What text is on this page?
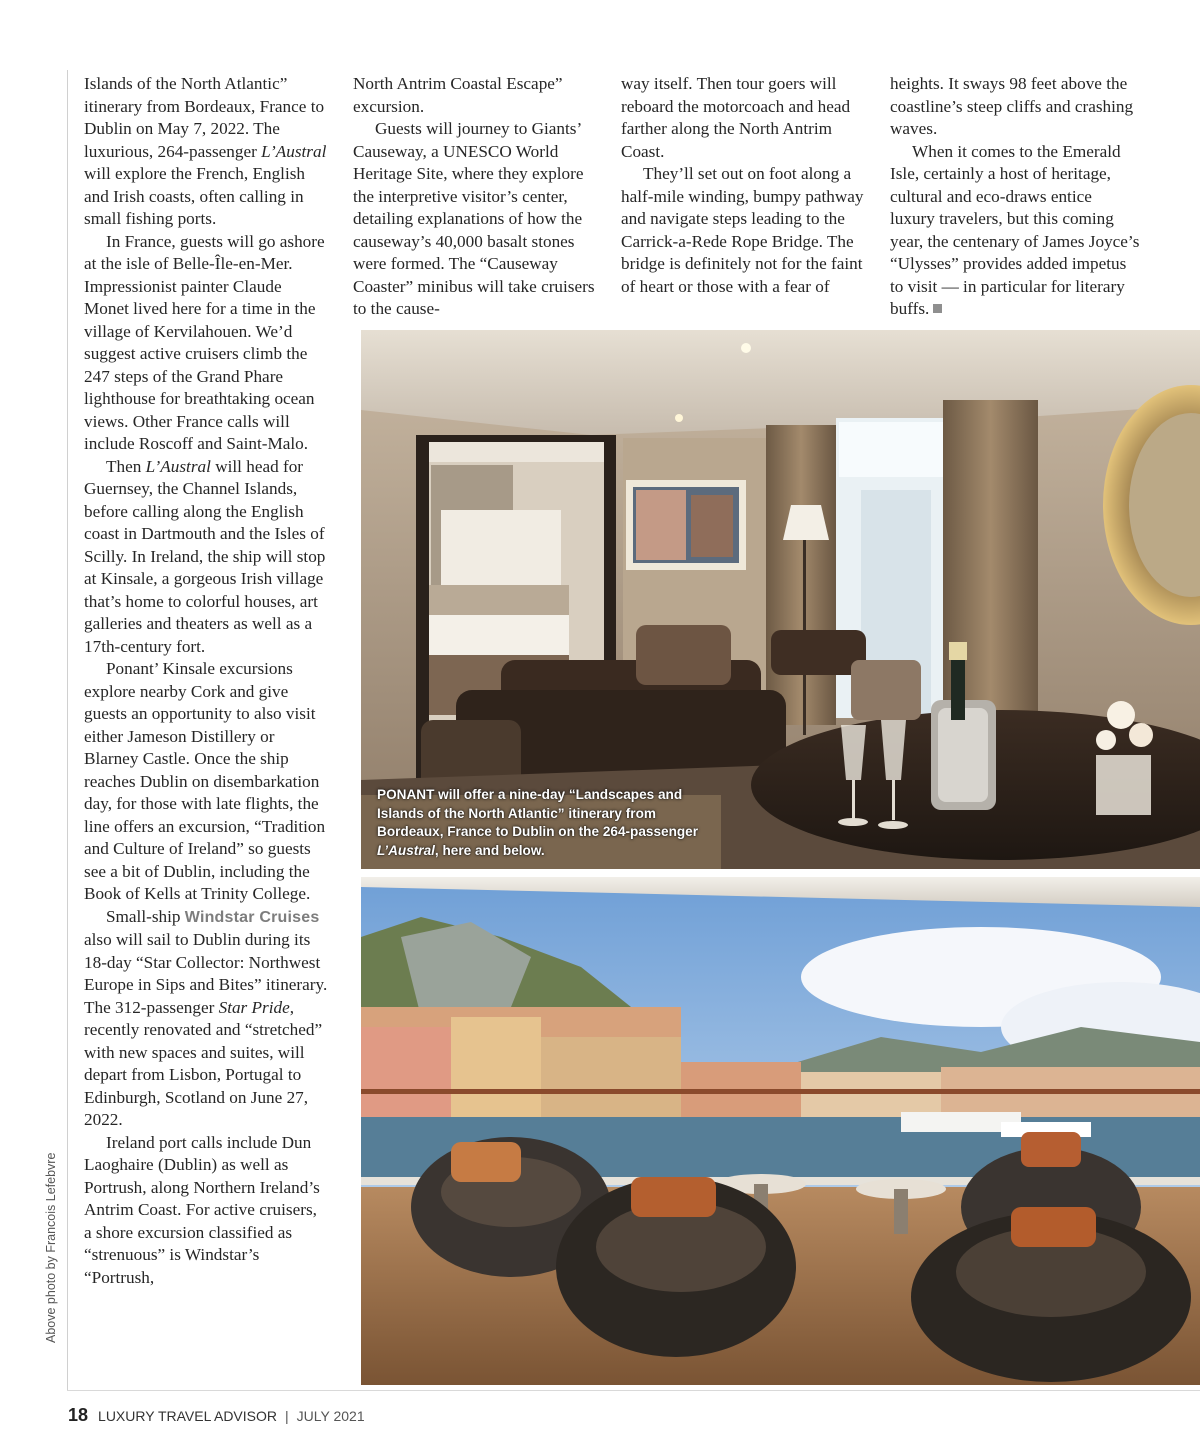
Islands of the North Atlantic” itinerary from Bordeaux, France to Dublin on May 7, 2022. The luxurious, 264-passenger L’Austral will explore the French, English and Irish coasts, often calling in small fishing ports.

In France, guests will go ashore at the isle of Belle-Île-en-Mer. Impressionist painter Claude Monet lived here for a time in the village of Kervilahouen. We’d suggest active cruisers climb the 247 steps of the Grand Phare lighthouse for breathtaking ocean views. Other France calls will include Roscoff and Saint-Malo.

Then L’Austral will head for Guernsey, the Channel Islands, before calling along the English coast in Dartmouth and the Isles of Scilly. In Ireland, the ship will stop at Kinsale, a gorgeous Irish village that’s home to colorful houses, art galleries and theaters as well as a 17th-century fort.

Ponant’ Kinsale excursions explore nearby Cork and give guests an opportunity to also visit either Jameson Distillery or Blarney Castle. Once the ship reaches Dublin on disembarkation day, for those with late flights, the line offers an excursion, “Tradition and Culture of Ireland” so guests see a bit of Dublin, including the Book of Kells at Trinity College.

Small-ship Windstar Cruises also will sail to Dublin during its 18-day “Star Collector: Northwest Europe in Sips and Bites” itinerary. The 312-passenger Star Pride, recently renovated and “stretched” with new spaces and suites, will depart from Lisbon, Portugal to Edinburgh, Scotland on June 27, 2022.

Ireland port calls include Dun Laoghaire (Dublin) as well as Portrush, along Northern Ireland’s Antrim Coast. For active cruisers, a shore excursion classified as “strenuous” is Windstar’s “Portrush,

North Antrim Coastal Escape” excursion.

Guests will journey to Giants’ Causeway, a UNESCO World Heritage Site, where they explore the interpretive visitor’s center, detailing explanations of how the causeway’s 40,000 basalt stones were formed. The “Causeway Coaster” minibus will take cruisers to the cause-

way itself. Then tour goers will reboard the motorcoach and head farther along the North Antrim Coast.

They’ll set out on foot along a half-mile winding, bumpy pathway and navigate steps leading to the Carrick-a-Rede Rope Bridge. The bridge is definitely not for the faint of heart or those with a fear of

heights. It sways 98 feet above the coastline’s steep cliffs and crashing waves.

When it comes to the Emerald Isle, certainly a host of heritage, cultural and eco-draws entice luxury travelers, but this coming year, the centenary of James Joyce’s “Ulysses” provides added impetus to visit — in particular for literary buffs.

PONANT will offer a nine-day “Landscapes and Islands of the North Atlantic” itinerary from Bordeaux, France to Dublin on the 264-passenger L’Austral, here and below.
Above photo by Francois Lefebvre
18 LUXURY TRAVEL ADVISOR | JULY 2021
